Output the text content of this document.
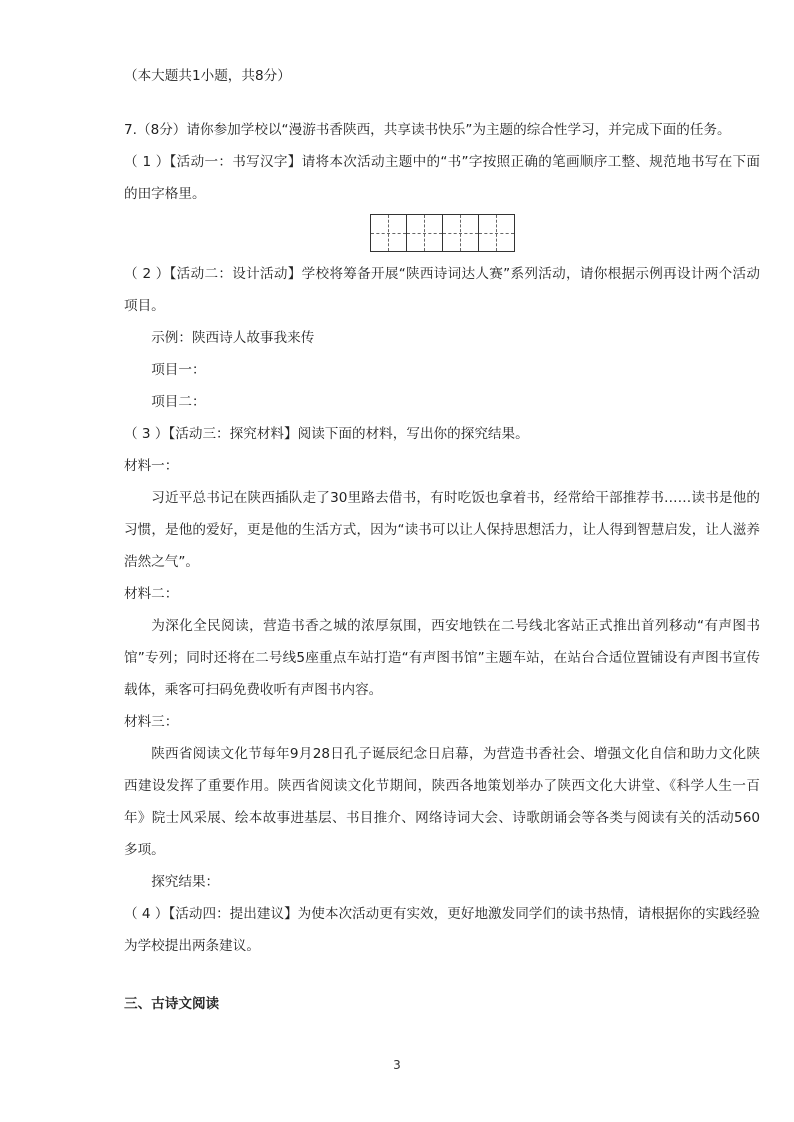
（本大题共1小题，共8分）
7.（8分）请你参加学校以“漫游书香陕西，共享读书快乐”为主题的综合性学习，并完成下面的任务。
（ 1 ）【活动一：书写汉字】请将本次活动主题中的“书”字按照正确的笔画顺序工整、规范地书写在下面的田字格里。
（ 2 ）【活动二：设计活动】学校将筹备开展“陕西诗词达人赛”系列活动，请你根据示例再设计两个活动项目。
示例：陕西诗人故事我来传
项目一：
项目二：
（ 3 ）【活动三：探究材料】阅读下面的材料，写出你的探究结果。
材料一：
习近平总书记在陕西插队走了30里路去借书，有时吃饭也拿着书，经常给干部推荐书……读书是他的习惯，是他的爱好，更是他的生活方式，因为“读书可以让人保持思想活力，让人得到智慧启发，让人滋养浩然之气”。
材料二：
为深化全民阅读，营造书香之城的浓厚氛围，西安地铁在二号线北客站正式推出首列移动“有声图书馆”专列；同时还将在二号线5座重点车站打造“有声图书馆”主题车站，在站台合适位置铺设有声图书宣传载体，乘客可扫码免费收听有声图书内容。
材料三：
陕西省阅读文化节每年9月28日孔子诞辰纪念日启幕，为营造书香社会、增强文化自信和助力文化陕西建设发挥了重要作用。陕西省阅读文化节期间，陕西各地策划举办了陕西文化大讲堂、《科学人生一百年》院士风采展、绘本故事进基层、书目推介、网络诗词大会、诗歌朗诵会等各类与阅读有关的活动560多项。
探究结果：
（ 4 ）【活动四：提出建议】为使本次活动更有实效，更好地激发同学们的读书热情，请根据你的实践经验为学校提出两条建议。
三、古诗文阅读
3
